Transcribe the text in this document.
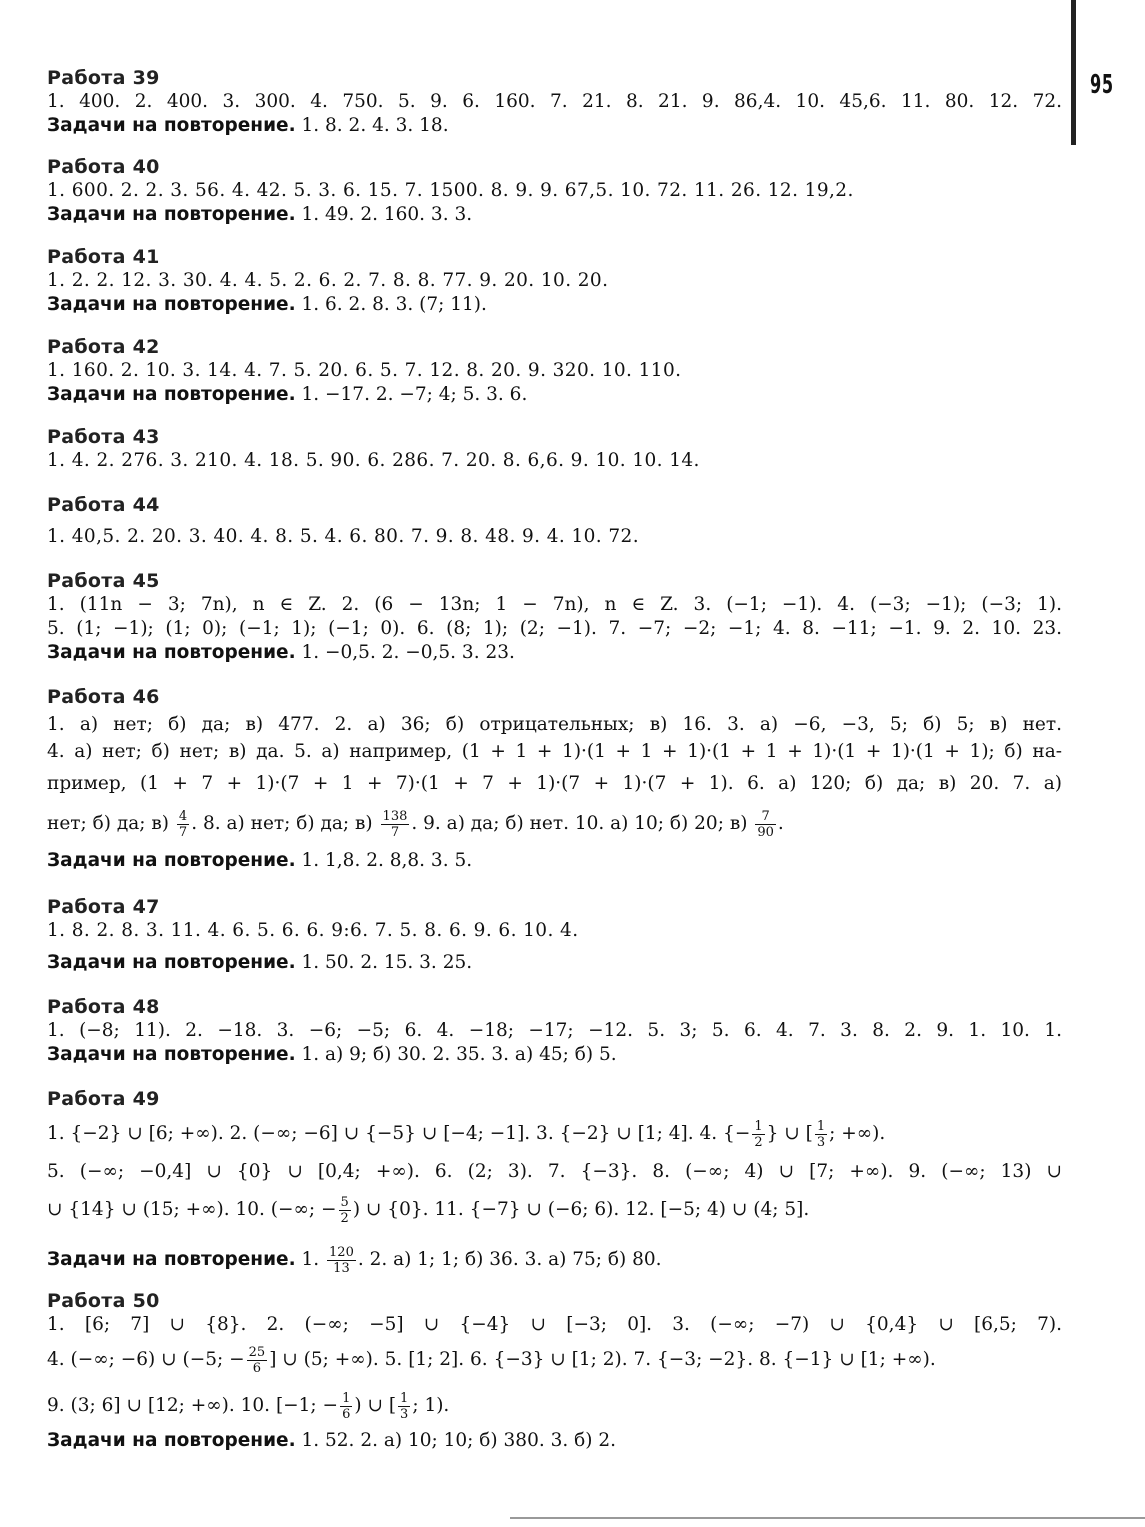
95
Работа 39
1. 400. 2. 400. 3. 300. 4. 750. 5. 9. 6. 160. 7. 21. 8. 21. 9. 86,4. 10. 45,6. 11. 80. 12. 72.
Задачи на повторение. 1. 8. 2. 4. 3. 18.
Работа 40
1. 600. 2. 2. 3. 56. 4. 42. 5. 3. 6. 15. 7. 1500. 8. 9. 9. 67,5. 10. 72. 11. 26. 12. 19,2.
Задачи на повторение. 1. 49. 2. 160. 3. 3.
Работа 41
1. 2. 2. 12. 3. 30. 4. 4. 5. 2. 6. 2. 7. 8. 8. 77. 9. 20. 10. 20.
Задачи на повторение. 1. 6. 2. 8. 3. (7; 11).
Работа 42
1. 160. 2. 10. 3. 14. 4. 7. 5. 20. 6. 5. 7. 12. 8. 20. 9. 320. 10. 110.
Задачи на повторение. 1. −17. 2. −7; 4; 5. 3. 6.
Работа 43
1. 4. 2. 276. 3. 210. 4. 18. 5. 90. 6. 286. 7. 20. 8. 6,6. 9. 10. 10. 14.
Работа 44
1. 40,5. 2. 20. 3. 40. 4. 8. 5. 4. 6. 80. 7. 9. 8. 48. 9. 4. 10. 72.
Работа 45
1. (11n − 3; 7n), n ∈ Z. 2. (6 − 13n; 1 − 7n), n ∈ Z. 3. (−1; −1). 4. (−3; −1); (−3; 1).
5. (1; −1); (1; 0); (−1; 1); (−1; 0). 6. (8; 1); (2; −1). 7. −7; −2; −1; 4. 8. −11; −1. 9. 2. 10. 23.
Задачи на повторение. 1. −0,5. 2. −0,5. 3. 23.
Работа 46
1. а) нет; б) да; в) 477. 2. а) 36; б) отрицательных; в) 16. 3. а) −6, −3, 5; б) 5; в) нет.
4. а) нет; б) нет; в) да. 5. а) например, (1 + 1 + 1)·(1 + 1 + 1)·(1 + 1 + 1)·(1 + 1)·(1 + 1); б) на-
пример, (1 + 7 + 1)·(7 + 1 + 7)·(1 + 7 + 1)·(7 + 1)·(7 + 1). 6. а) 120; б) да; в) 20. 7. а)
нет; б) да; $в) \frac{4}{7}$ . 8. а) нет; б) да; $в) \frac{138}{7}$ . 9. а) да; б) нет. 10. а) 10; б) 20; $в) \frac{7}{90}$ .
Задачи на повторение. 1. 1,8. 2. 8,8. 3. 5.
Работа 47
1. 8. 2. 8. 3. 11. 4. 6. 5. 6. 6. 9:6. 7. 5. 8. 6. 9. 6. 10. 4.
Задачи на повторение. 1. 50. 2. 15. 3. 25.
Работа 48
1. (−8; 11). 2. −18. 3. −6; −5; 6. 4. −18; −17; −12. 5. 3; 5. 6. 4. 7. 3. 8. 2. 9. 1. 10. 1.
Задачи на повторение. 1. а) 9; б) 30. 2. 35. 3. а) 45; б) 5.
Работа 49
1. {−2} ∪ [6; +∞). 2. (−∞; −6] ∪ {−5} ∪ [−4; −1]. 3. {−2} ∪ [1; 4]. 4. {− $\frac{1}{2}$ } ∪ [ $\frac{1}{3}$ ; +∞).
5. (−∞; −0,4] ∪ {0} ∪ [0,4; +∞). 6. (2; 3). 7. {−3}. 8. (−∞; 4) ∪ [7; +∞). 9. (−∞; 13) ∪
∪ {14} ∪ (15; +∞). 10. (−∞; − $\frac{5}{2}$ ) ∪ {0}. 11. {−7} ∪ (−6; 6). 12. [−5; 4) ∪ (4; 5].
Задачи на повторение. 1. $\frac{120}{13}$ . 2. а) 1; 1; б) 36. 3. а) 75; б) 80.
Работа 50
1. [6; 7] ∪ {8}. 2. (−∞; −5] ∪ {−4} ∪ [−3; 0]. 3. (−∞; −7) ∪ {0,4} ∪ [6,5; 7).
4. (−∞; −6) ∪ (−5; − $\frac{25}{6}$ ] ∪ (5; +∞). 5. [1; 2]. 6. {−3} ∪ [1; 2). 7. {−3; −2}. 8. {−1} ∪ [1; +∞).
9. (3; 6] ∪ [12; +∞). 10. [−1; − $\frac{1}{6}$ ) ∪ [ $\frac{1}{3}$ ; 1).
Задачи на повторение. 1. 52. 2. а) 10; 10; б) 380. 3. б) 2.
